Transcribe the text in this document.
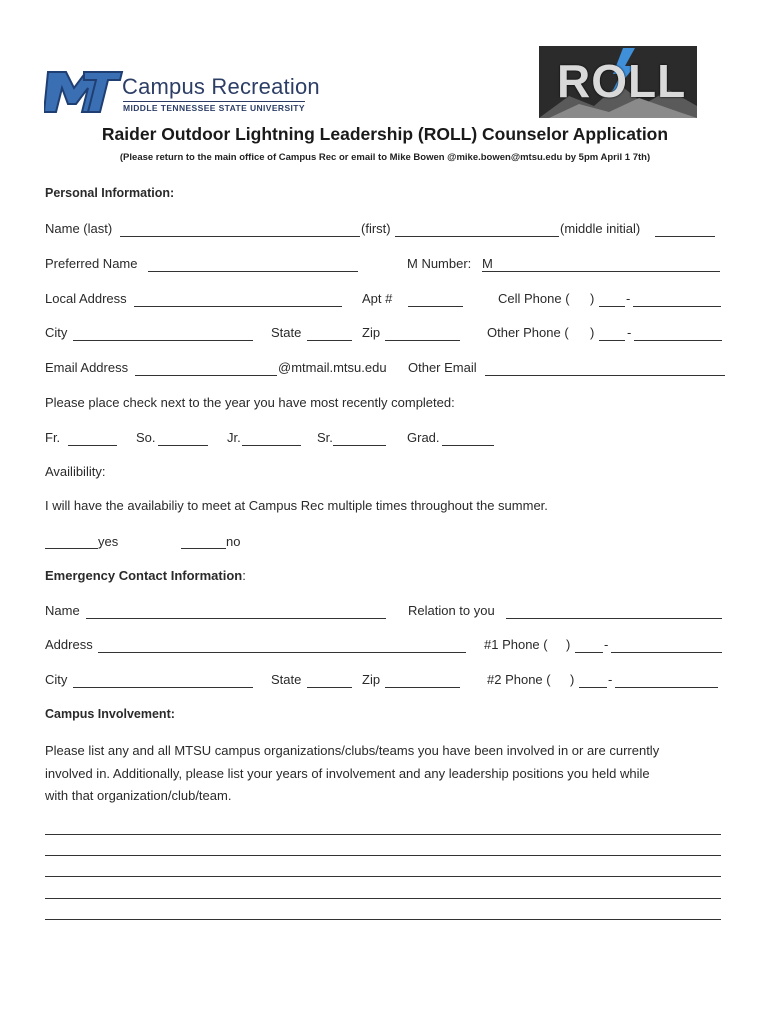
Campus Recreation
MIDDLE TENNESSEE STATE UNIVERSITY
ROLL
Raider Outdoor Lightning Leadership (ROLL) Counselor Application
(Please return to the main office of Campus Rec or email to Mike Bowen @mike.bowen@mtsu.edu by 5pm April 1 7th)
Personal Information:
Name (last)	(first)	(middle initial)
Preferred Name	M Number: M
Local Address	Apt #	Cell Phone ( ) -
City	State	Zip	Other Phone ( )	-
Email Address	@mtmail.mtsu.edu Other Email
Please place check next to the year you have most recently completed:
Fr.	So.	Jr.	Sr.	Grad.
Availibility:
I will have the availabiliy to meet at Campus Rec multiple times throughout the summer.
yes	no
Emergency Contact Information:
Name	Relation to you
Address	#1 Phone ( )	-
City	State	Zip	#2 Phone ( )	-
Campus Involvement:
Please list any and all MTSU campus organizations/clubs/teams you have been involved in or are currently
involved in. Additionally, please list your years of involvement and any leadership positions you held while
with that organization/club/team.
